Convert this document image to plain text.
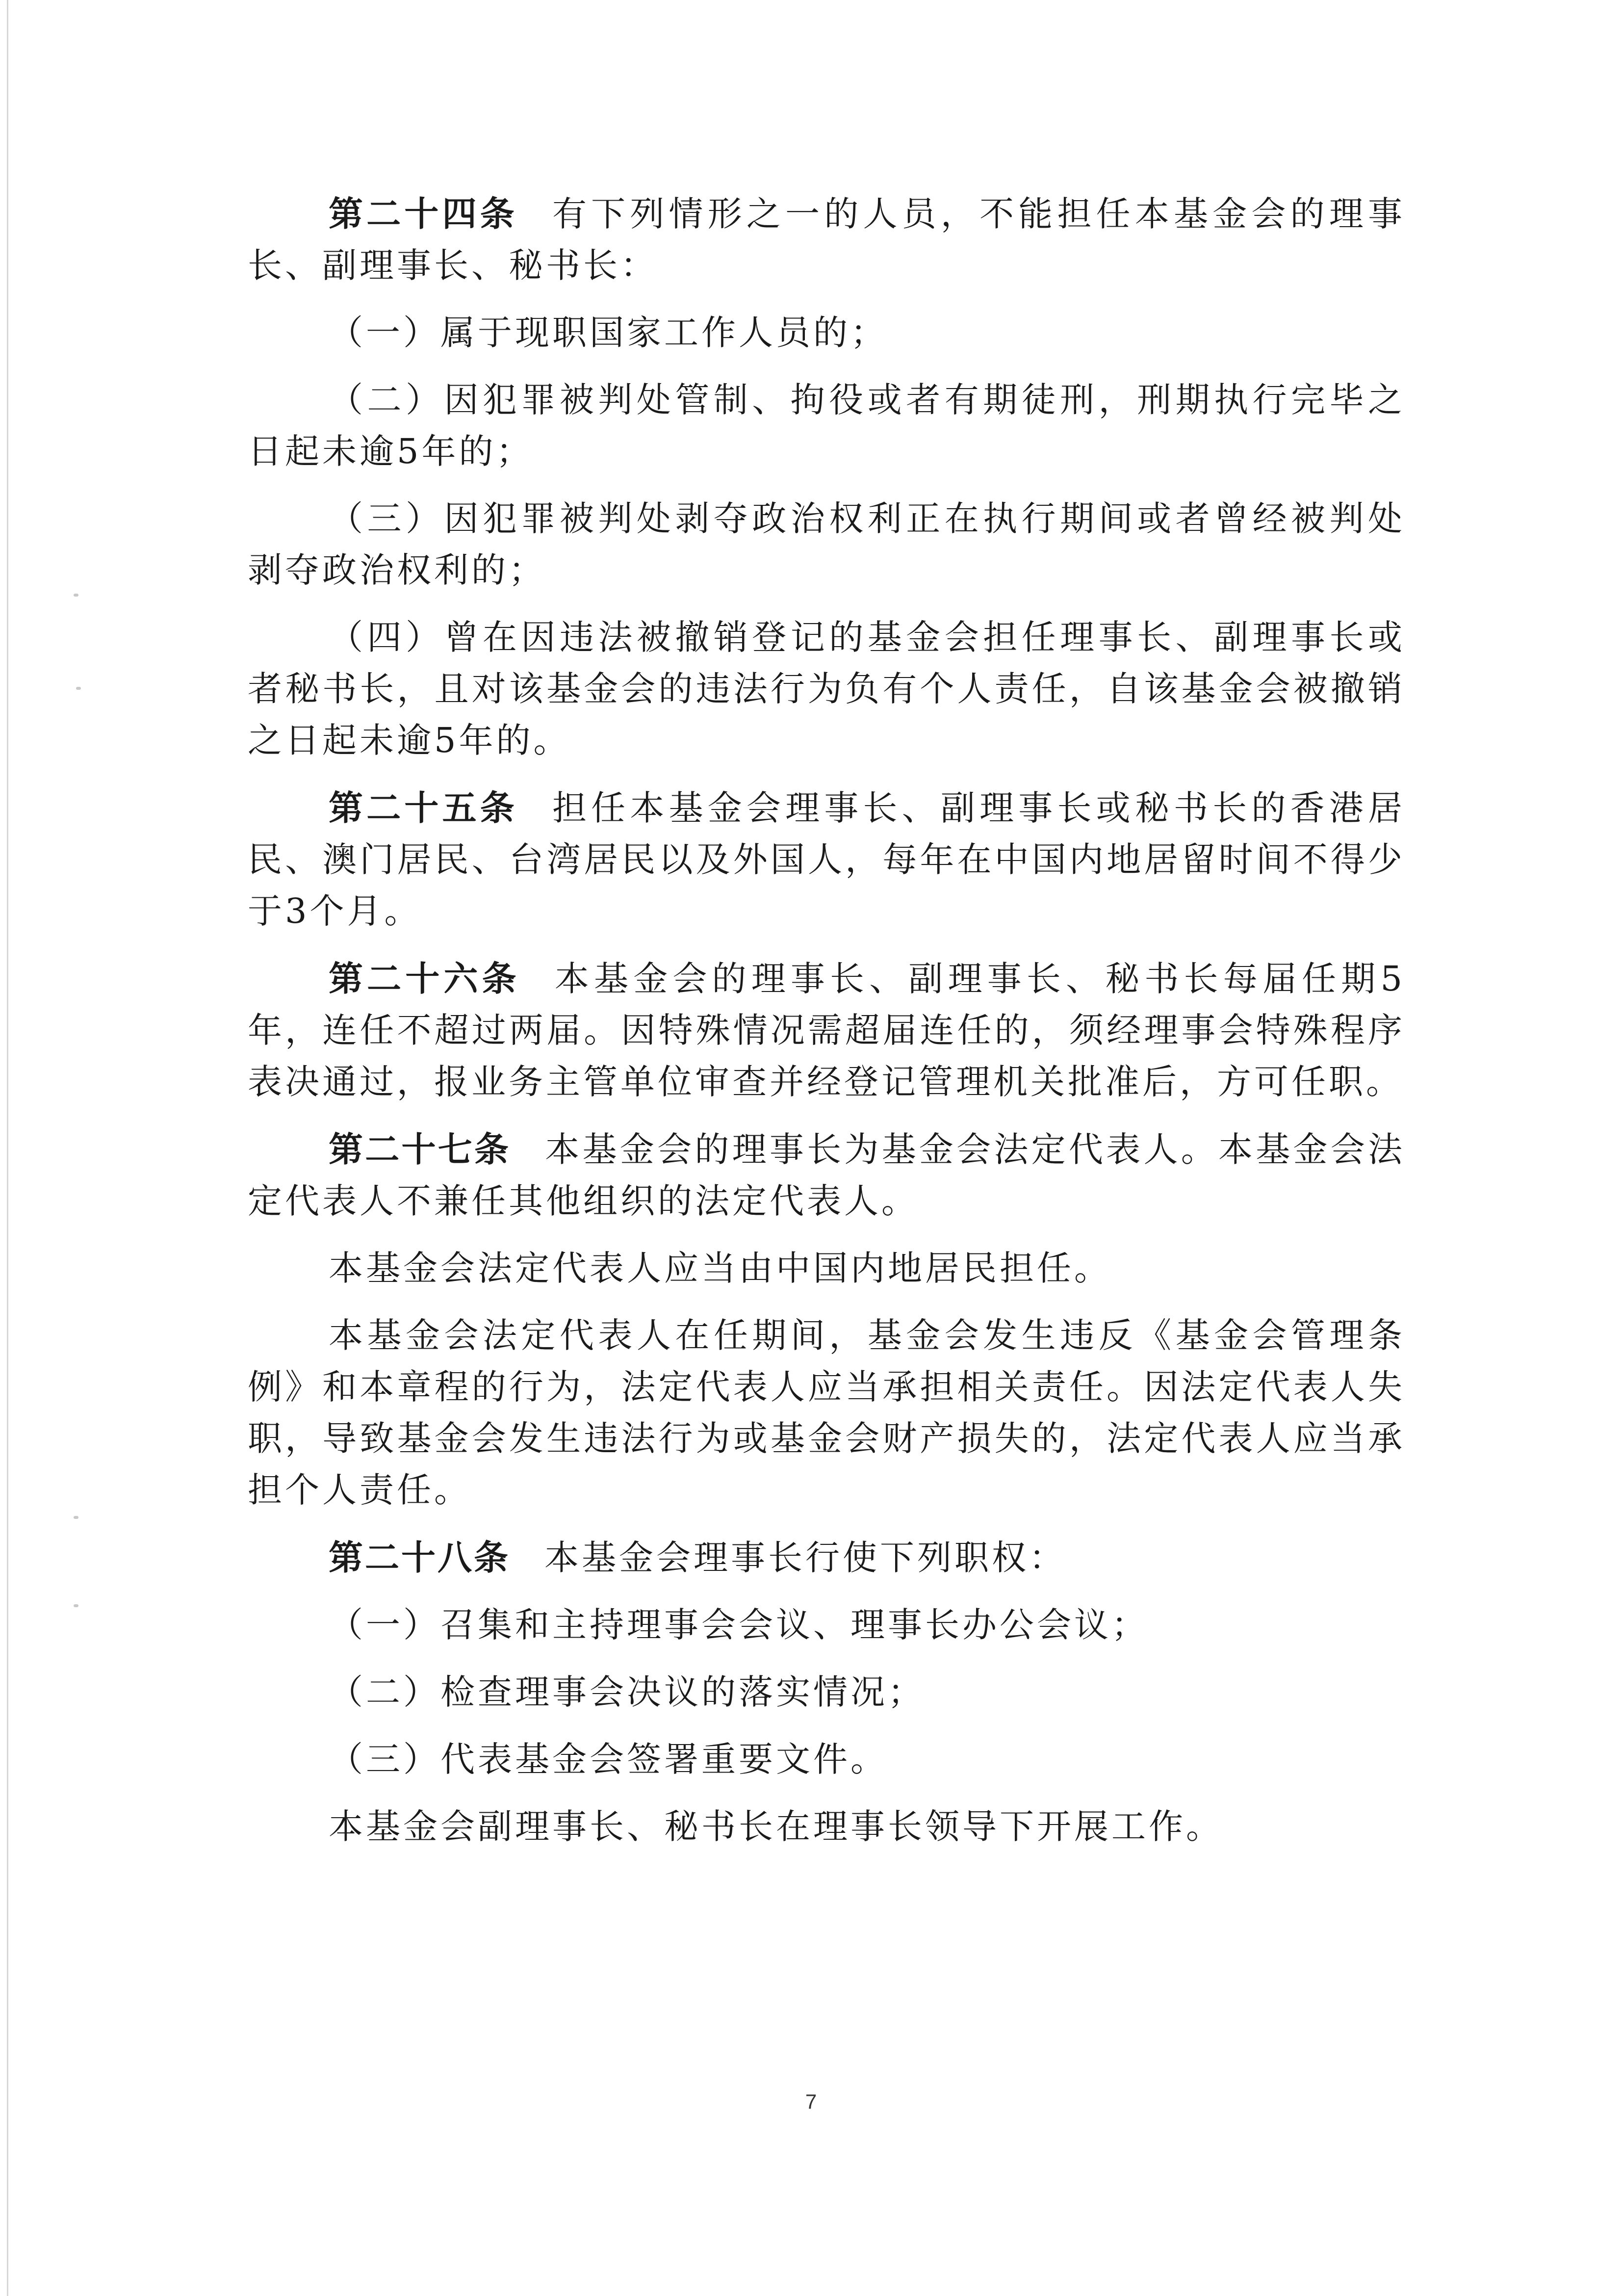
第二十四条 有下列情形之一的人员，不能担任本基金会的理事长、副理事长、秘书长：

（一）属于现职国家工作人员的；

（二）因犯罪被判处管制、拘役或者有期徒刑，刑期执行完毕之日起未逾5年的；

（三）因犯罪被判处剥夺政治权利正在执行期间或者曾经被判处剥夺政治权利的；

（四）曾在因违法被撤销登记的基金会担任理事长、副理事长或者秘书长，且对该基金会的违法行为负有个人责任，自该基金会被撤销之日起未逾5年的。

第二十五条 担任本基金会理事长、副理事长或秘书长的香港居民、澳门居民、台湾居民以及外国人，每年在中国内地居留时间不得少于3个月。

第二十六条 本基金会的理事长、副理事长、秘书长每届任期5年，连任不超过两届。因特殊情况需超届连任的，须经理事会特殊程序表决通过，报业务主管单位审查并经登记管理机关批准后，方可任职。

第二十七条 本基金会的理事长为基金会法定代表人。本基金会法定代表人不兼任其他组织的法定代表人。

本基金会法定代表人应当由中国内地居民担任。

本基金会法定代表人在任期间，基金会发生违反《基金会管理条例》和本章程的行为，法定代表人应当承担相关责任。因法定代表人失职，导致基金会发生违法行为或基金会财产损失的，法定代表人应当承担个人责任。

第二十八条 本基金会理事长行使下列职权：

（一）召集和主持理事会会议、理事长办公会议；

（二）检查理事会决议的落实情况；

（三）代表基金会签署重要文件。

本基金会副理事长、秘书长在理事长领导下开展工作。

7
